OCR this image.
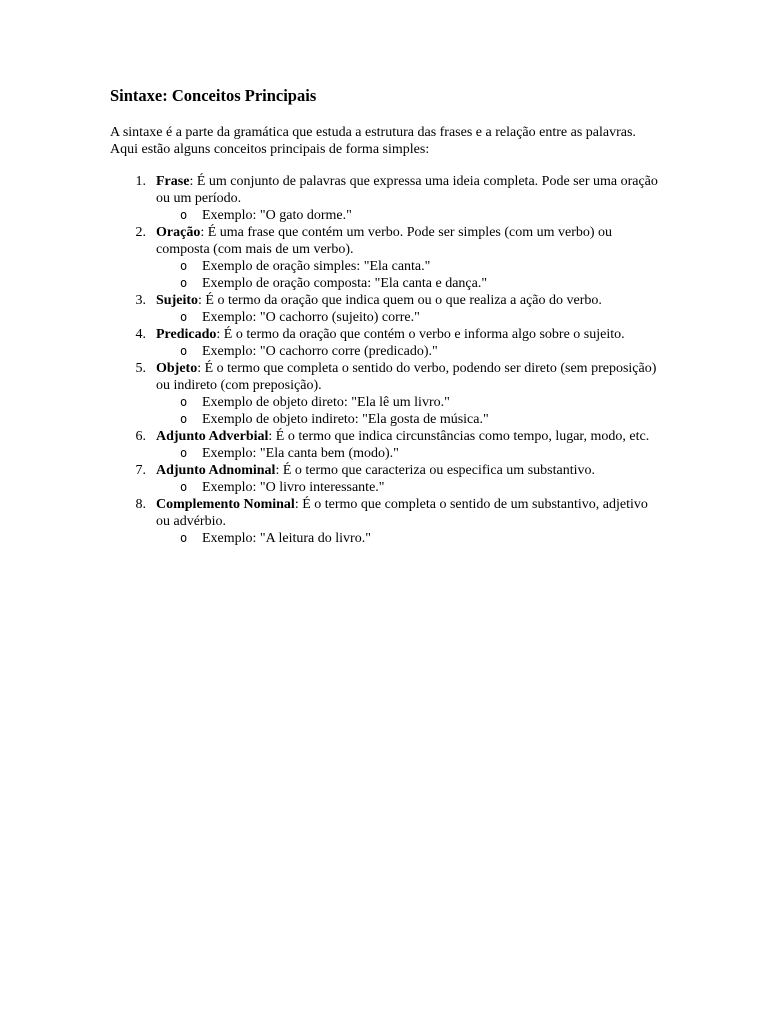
Sintaxe: Conceitos Principais

A sintaxe é a parte da gramática que estuda a estrutura das frases e a relação entre as palavras. Aqui estão alguns conceitos principais de forma simples:

1. Frase: É um conjunto de palavras que expressa uma ideia completa. Pode ser uma oração ou um período.
o Exemplo: "O gato dorme."
2. Oração: É uma frase que contém um verbo. Pode ser simples (com um verbo) ou composta (com mais de um verbo).
o Exemplo de oração simples: "Ela canta."
o Exemplo de oração composta: "Ela canta e dança."
3. Sujeito: É o termo da oração que indica quem ou o que realiza a ação do verbo.
o Exemplo: "O cachorro (sujeito) corre."
4. Predicado: É o termo da oração que contém o verbo e informa algo sobre o sujeito.
o Exemplo: "O cachorro corre (predicado)."
5. Objeto: É o termo que completa o sentido do verbo, podendo ser direto (sem preposição) ou indireto (com preposição).
o Exemplo de objeto direto: "Ela lê um livro."
o Exemplo de objeto indireto: "Ela gosta de música."
6. Adjunto Adverbial: É o termo que indica circunstâncias como tempo, lugar, modo, etc.
o Exemplo: "Ela canta bem (modo)."
7. Adjunto Adnominal: É o termo que caracteriza ou especifica um substantivo.
o Exemplo: "O livro interessante."
8. Complemento Nominal: É o termo que completa o sentido de um substantivo, adjetivo ou advérbio.
o Exemplo: "A leitura do livro."
